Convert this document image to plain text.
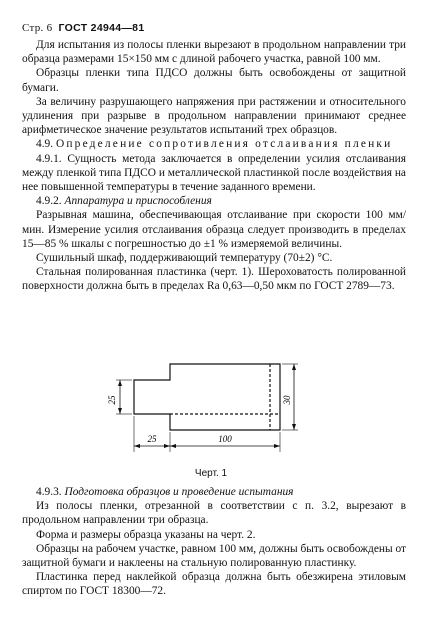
Стр. 6 ГОСТ 24944—81

Для испытания из полосы пленки вырезают в продольном направлении три образца размерами 15×150 мм с длиной рабочего участка, равной 100 мм.

Образцы пленки типа ПДСО должны быть освобождены от защитной бумаги.

За величину разрушающего напряжения при растяжении и относительного удлинения при разрыве в продольном направлении принимают среднее арифметическое значение результатов испытаний трех образцов.

4.9. Определение сопротивления отслаивания пленки

4.9.1. Сущность метода заключается в определении усилия отслаивания между пленкой типа ПДСО и металлической пластинкой после воздействия на нее повышенной температуры в течение заданного времени.

4.9.2. Аппаратура и приспособления

Разрывная машина, обеспечивающая отслаивание при скорости 100 мм/мин. Измерение усилия отслаивания образца следует производить в пределах 15—85 % шкалы с погрешностью до ±1 % измеряемой величины.

Сушильный шкаф, поддерживающий температуру (70±2) °С.

Стальная полированная пластинка (черт. 1). Шероховатость полированной поверхности должна быть в пределах Ra 0,63—0,50 мкм по ГОСТ 2789—73.

25	30
25	100
Черт. 1

4.9.3. Подготовка образцов и проведение испытания

Из полосы пленки, отрезанной в соответствии с п. 3.2, вырезают в продольном направлении три образца.

Форма и размеры образца указаны на черт. 2.

Образцы на рабочем участке, равном 100 мм, должны быть освобождены от защитной бумаги и наклеены на стальную полированную пластинку.

Пластинка перед наклейкой образца должна быть обезжирена этиловым спиртом по ГОСТ 18300—72.
